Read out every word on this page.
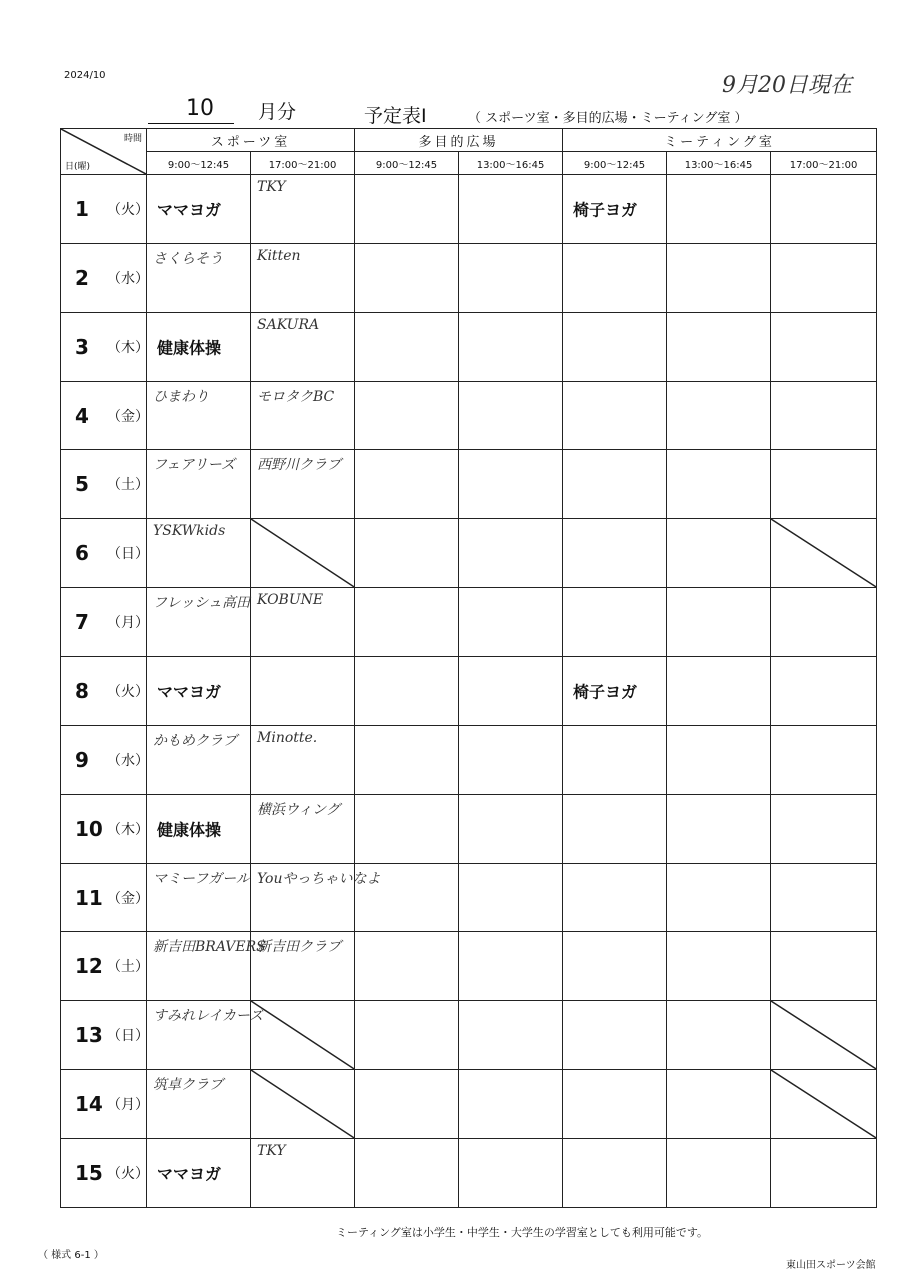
2024/10	9月20日現在
10 月分	予定表Ⅰ	（ スポーツ室・多目的広場・ミーティング室 ）
時間
日(曜)	スポーツ室		多目的広場		ミーティング室		
	9:00～12:45	17:00～21:00	9:00～12:45	13:00～16:45	9:00～12:45	13:00～16:45	17:00～21:00

1 （火）	ママヨガ	TKY			椅子ヨガ		

2 （水）	さくらそう	Kitten					

3 （木）	健康体操	SAKURA					

4 （金）	ひまわり	モロタクBC					

5 （土）	フェアリーズ	西野川クラブ					

6 （日）	YSKWkids

7 （月）	フレッシュ高田	KOBUNE					

8 （火）	ママヨガ				椅子ヨガ		

9 （水）	かもめクラブ	Minotte.					

10 （木）	健康体操	横浜ウィング					

11 （金）	マミーフガール	Youやっちゃいなよ					

12 （土）	新吉田BRAVERS	新吉田クラブ					

13 （日）	すみれレイカーズ

14 （月）	筑卓クラブ

15 （火）	ママヨガ	TKY					

ミーティング室は小学生・中学生・大学生の学習室としても利用可能です。
（ 様式 6-1 ）
東山田スポーツ会館
